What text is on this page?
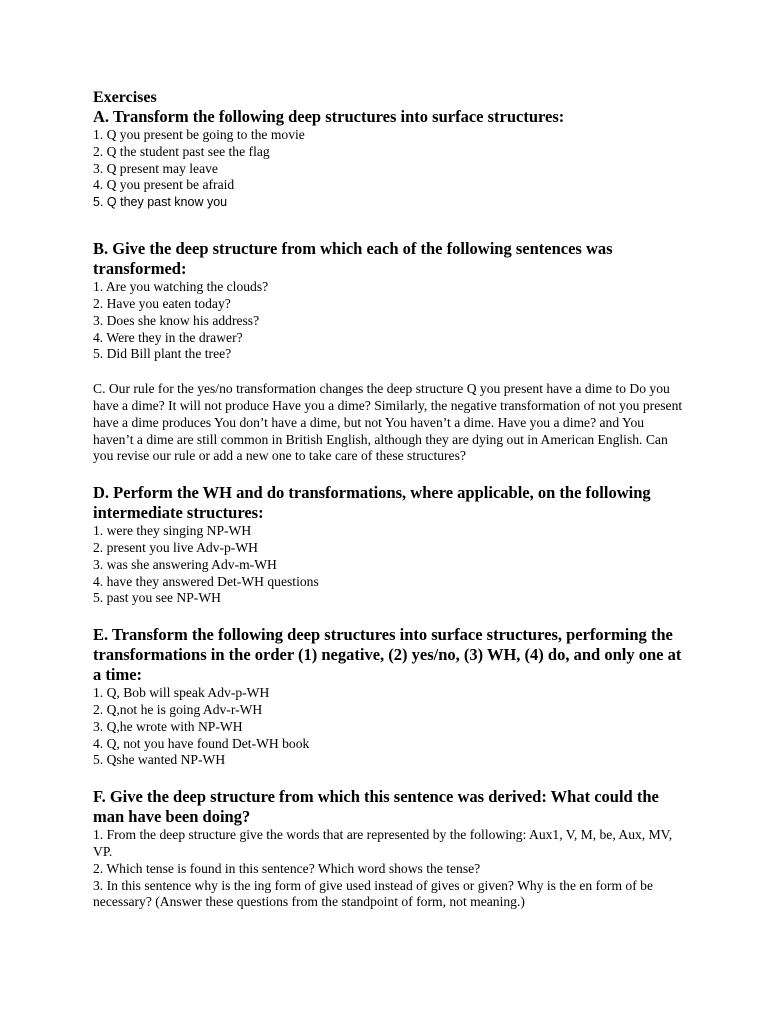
Exercises

A. Transform the following deep structures into surface structures:

1. Q you present be going to the movie

2. Q the student past see the flag

3. Q present may leave

4. Q you present be afraid

5. Q they past know you

B. Give the deep structure from which each of the following sentences was transformed:

1. Are you watching the clouds?

2. Have you eaten today?

3. Does she know his address?

4. Were they in the drawer?

5. Did Bill plant the tree?

C. Our rule for the yes/no transformation changes the deep structure Q you present have a dime to Do you have a dime? It will not produce Have you a dime? Similarly, the negative transformation of not you present have a dime produces You don’t have a dime, but not You haven’t a dime. Have you a dime? and You haven’t a dime are still common in British English, although they are dying out in American English. Can you revise our rule or add a new one to take care of these structures?

D. Perform the WH and do transformations, where applicable, on the following intermediate structures:

1. were they singing NP-WH

2. present you live Adv-p-WH

3. was she answering Adv-m-WH

4. have they answered Det-WH questions

5. past you see NP-WH

E. Transform the following deep structures into surface structures, performing the transformations in the order (1) negative, (2) yes/no, (3) WH, (4) do, and only one at a time:

1. Q, Bob will speak Adv-p-WH

2. Q,not he is going Adv-r-WH

3. Q,he wrote with NP-WH

4. Q, not you have found Det-WH book

5. Qshe wanted NP-WH

F. Give the deep structure from which this sentence was derived: What could the man have been doing?

1. From the deep structure give the words that are represented by the following: Aux1, V, M, be, Aux, MV, VP.

2. Which tense is found in this sentence? Which word shows the tense?

3. In this sentence why is the ing form of give used instead of gives or given? Why is the en form of be necessary? (Answer these questions from the standpoint of form, not meaning.)
